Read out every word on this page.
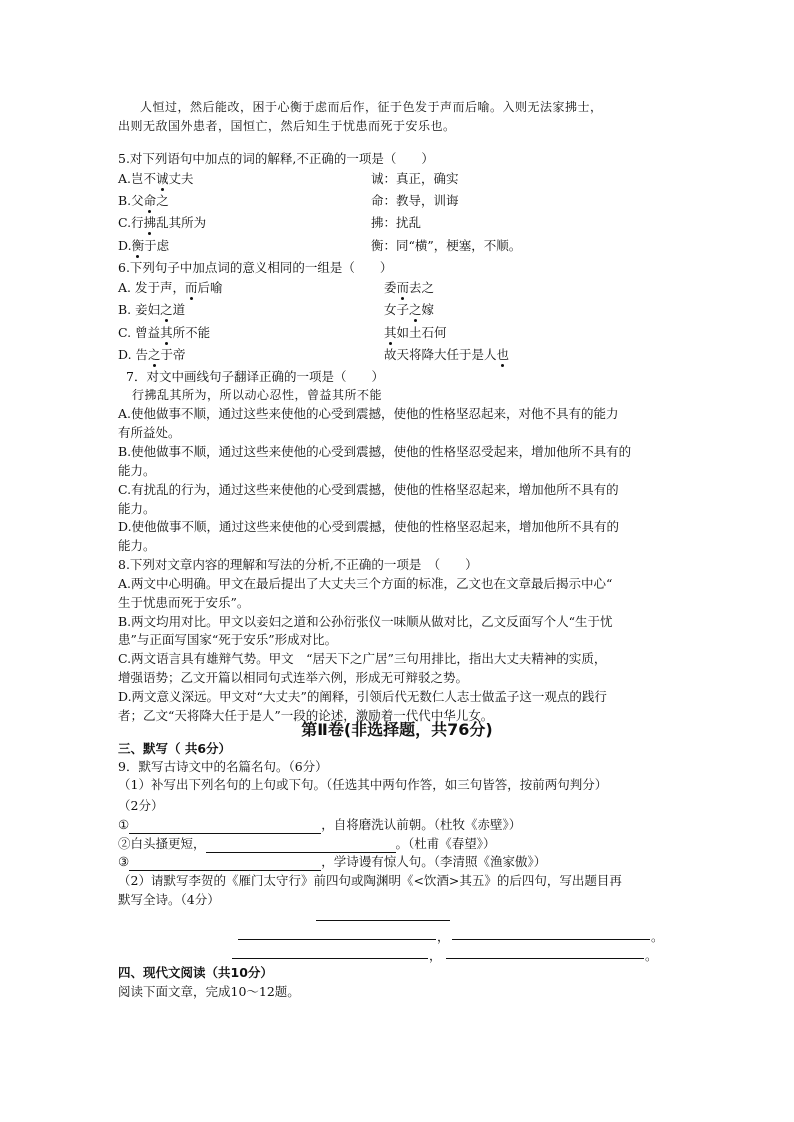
人恒过，然后能改，困于心衡于虑而后作，征于色发于声而后喻。入则无法家拂士，
出则无敌国外患者，国恒亡，然后知生于忧患而死于安乐也。
5.对下列语句中加点的词的解释,不正确的一项是（　　）
A.岂不诚丈夫	诚：真正，确实
B.父命之	命：教导，训诲
C.行拂乱其所为	拂：扰乱
D.衡于虑	衡：同“横”，梗塞，不顺。
6.下列句子中加点词的意义相同的一组是（　　）
A. 发于声，而后喻	委而去之
B. 妾妇之道	女子之嫁
C. 曾益其所不能	其如土石何
D. 告之于帝	故天将降大任于是人也
7．对文中画线句子翻译正确的一项是（　　）
行拂乱其所为，所以动心忍性，曾益其所不能
A.使他做事不顺，通过这些来使他的心受到震撼，使他的性格坚忍起来，对他不具有的能力
有所益处。
B.使他做事不顺，通过这些来使他的心受到震撼，使他的性格坚忍受起来，增加他所不具有的
能力。
C.有扰乱的行为，通过这些来使他的心受到震撼，使他的性格坚忍起来，增加他所不具有的
能力。
D.使他做事不顺，通过这些来使他的心受到震撼，使他的性格坚忍起来，增加他所不具有的
能力。
8.下列对文章内容的理解和写法的分析,不正确的一项是　（　　）
A.两文中心明确。甲文在最后提出了大丈夫三个方面的标准，乙文也在文章最后揭示中心“
生于忧患而死于安乐”。
B.两文均用对比。甲文以妾妇之道和公孙衍张仪一味顺从做对比，乙文反面写个人“生于忧
患”与正面写国家“死于安乐”形成对比。
C.两文语言具有雄辩气势。甲文　“居天下之广居”三句用排比，指出大丈夫精神的实质，
增强语势；乙文开篇以相同句式连举六例，形成无可辩驳之势。
D.两文意义深远。甲文对“大丈夫”的阐释，引领后代无数仁人志士做孟子这一观点的践行
者；乙文“天将降大任于是人”一段的论述，激励着一代代中华儿女。
第Ⅱ卷(非选择题，共76分)
三、默写（ 共6分）
9．默写古诗文中的名篇名句。（6分）
（1）补写出下列名句的上句或下句。（任选其中两句作答，如三句皆答，按前两句判分）
（2分）
①	，自将磨洗认前朝。（杜牧《赤壁》）
②白头搔更短，	。（杜甫《春望》）
③	，学诗谩有惊人句。（李清照《渔家傲》）
（2）请默写李贺的《雁门太守行》前四句或陶渊明《<饮酒>其五》的后四句，写出题目再
默写全诗。（4分）
，	。
，	。
四、现代文阅读（共10分）
阅读下面文章，完成10～12题。
